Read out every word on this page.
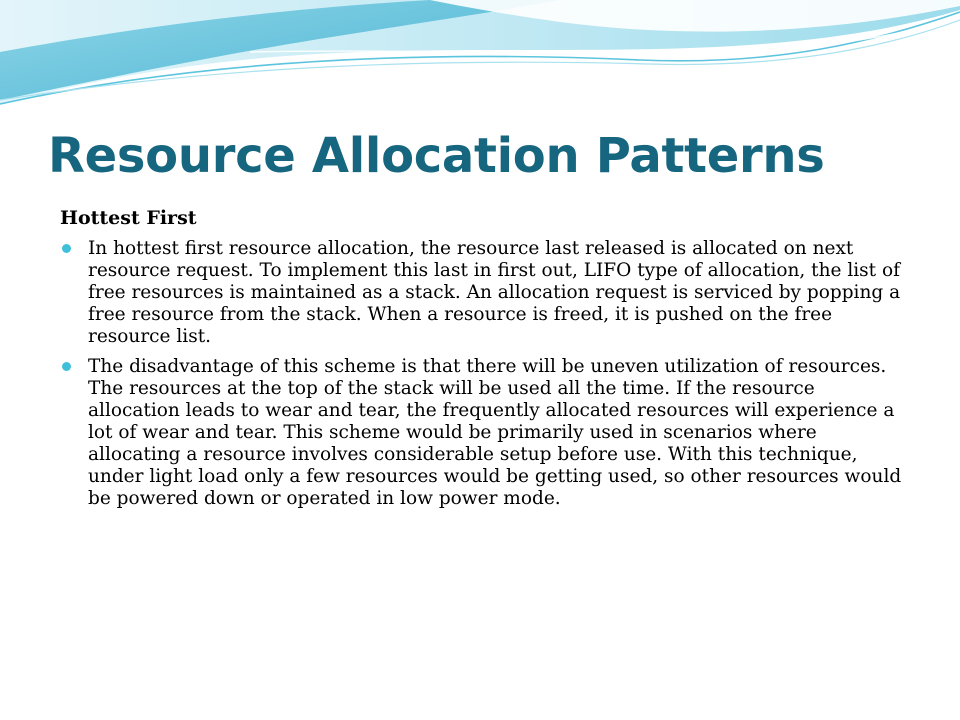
Resource Allocation Patterns
Hottest First
In hottest first resource allocation, the resource last released is allocated on next resource request. To implement this last in first out, LIFO type of allocation, the list of free resources is maintained as a stack. An allocation request is serviced by popping a free resource from the stack. When a resource is freed, it is pushed on the free resource list.
The disadvantage of this scheme is that there will be uneven utilization of resources. The resources at the top of the stack will be used all the time. If the resource allocation leads to wear and tear, the frequently allocated resources will experience a lot of wear and tear. This scheme would be primarily used in scenarios where allocating a resource involves considerable setup before use. With this technique, under light load only a few resources would be getting used, so other resources would be powered down or operated in low power mode.
